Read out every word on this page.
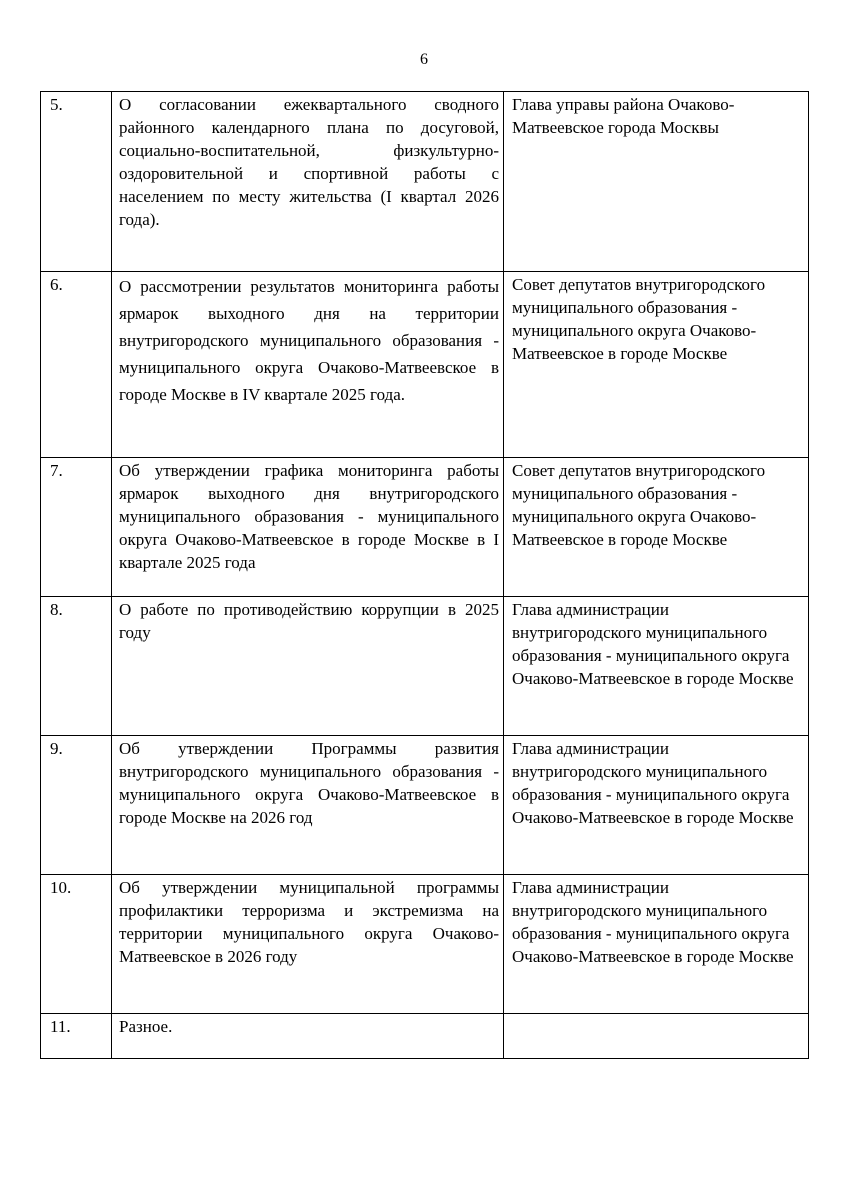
6
5.	О согласовании ежеквартального сводного районного календарного плана по досуговой, социально-воспитательной, физкультурно-оздоровительной и спортивной работы с населением по месту жительства (I квартал 2026 года).	Глава управы района Очаково-Матвеевское города Москвы
6.	О рассмотрении результатов мониторинга работы ярмарок выходного дня на территории внутригородского муниципального образования - муниципального округа Очаково-Матвеевское в городе Москве в IV квартале 2025 года.	Совет депутатов внутригородского муниципального образования - муниципального округа Очаково-Матвеевское в городе Москве
7.	Об утверждении графика мониторинга работы ярмарок выходного дня внутригородского муниципального образования - муниципального округа Очаково-Матвеевское в городе Москве в I квартале 2025 года	Совет депутатов внутригородского муниципального образования - муниципального округа Очаково-Матвеевское в городе Москве
8.	О работе по противодействию коррупции в 2025 году	Глава администрации внутригородского муниципального образования - муниципального округа Очаково-Матвеевское в городе Москве
9.	Об утверждении Программы развития внутригородского муниципального образования - муниципального округа Очаково-Матвеевское в городе Москве на 2026 год	Глава администрации внутригородского муниципального образования - муниципального округа Очаково-Матвеевское в городе Москве
10.	Об утверждении муниципальной программы профилактики терроризма и экстремизма на территории муниципального округа Очаково-Матвеевское в 2026 году	Глава администрации внутригородского муниципального образования - муниципального округа Очаково-Матвеевское в городе Москве
11.	Разное.	
